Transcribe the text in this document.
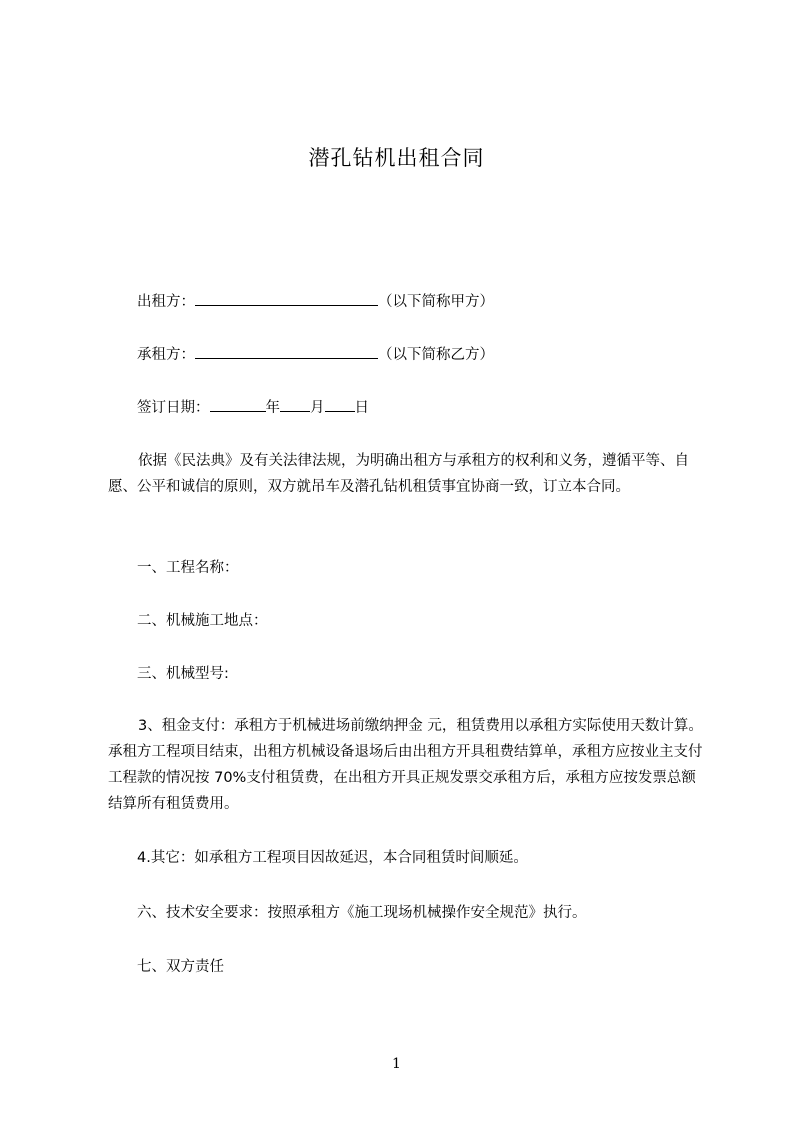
潜孔钻机出租合同
出租方：	（以下简称甲方）
承租方：	（以下简称乙方）
签订日期：	年 月 日
依据《民法典》及有关法律法规，为明确出租方与承租方的权利和义务，遵循平等、自愿、公平和诚信的原则，双方就吊车及潜孔钻机租赁事宜协商一致，订立本合同。
一、工程名称：
二、机械施工地点：
三、机械型号:
3、租金支付：承租方于机械进场前缴纳押金 元，租赁费用以承租方实际使用天数计算。承租方工程项目结束，出租方机械设备退场后由出租方开具租费结算单，承租方应按业主支付工程款的情况按 70%支付租赁费，在出租方开具正规发票交承租方后，承租方应按发票总额结算所有租赁费用。
4.其它：如承租方工程项目因故延迟，本合同租赁时间顺延。
六、技术安全要求：按照承租方《施工现场机械操作安全规范》执行。
七、双方责任
1
